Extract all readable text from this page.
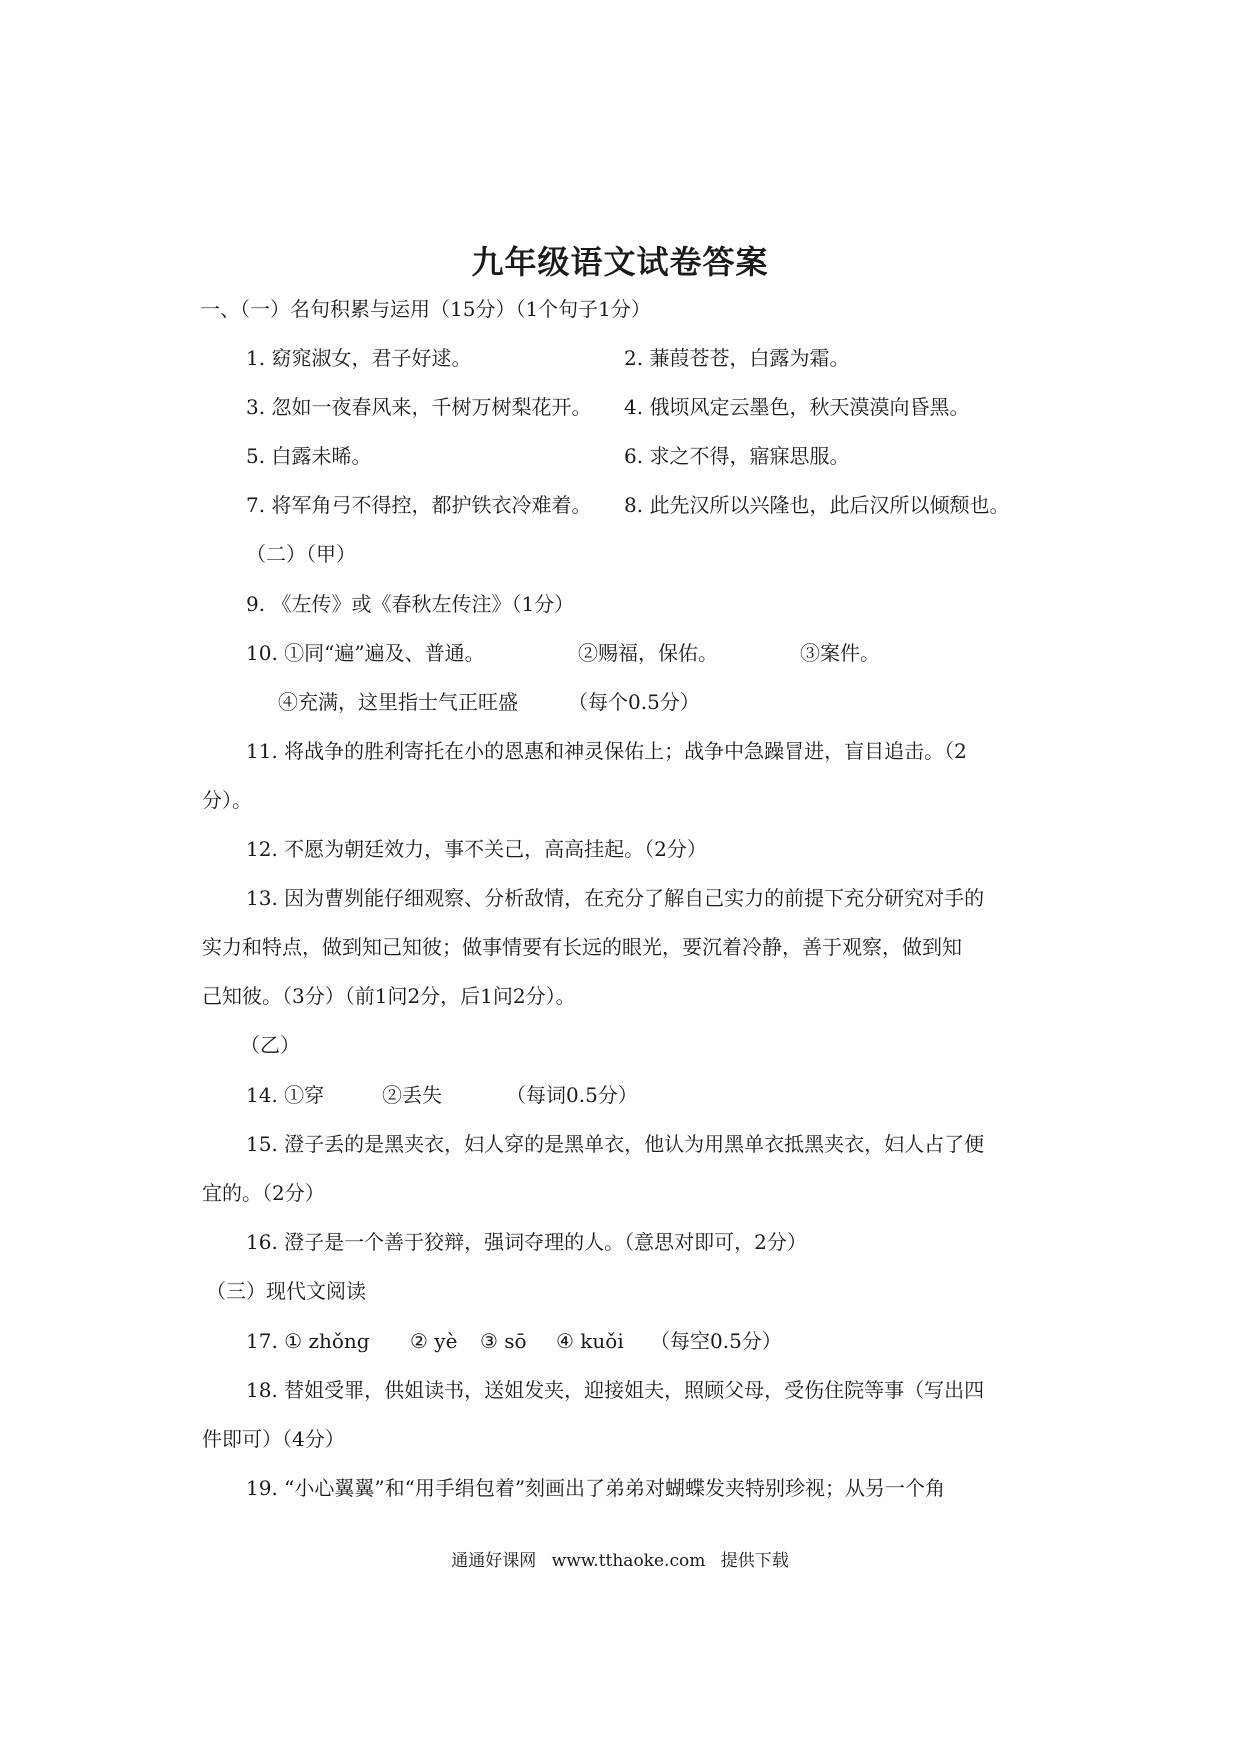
九年级语文试卷答案

一、（一）名句积累与运用（15分）（1个句子1分）

1. 窈窕淑女，君子好逑。	2. 蒹葭苍苍，白露为霜。
3. 忽如一夜春风来，千树万树梨花开。 4. 俄顷风定云墨色，秋天漠漠向昏黑。
5. 白露未晞。	6. 求之不得，寤寐思服。
7. 将军角弓不得控，都护铁衣冷难着。 8. 此先汉所以兴隆也，此后汉所以倾颓也。

（二）（甲）

9. 《左传》或《春秋左传注》（1分）

10. ①同“遍”遍及、普通。	②赐福，保佑。	③案件。
④充满，这里指士气正旺盛	（每个0.5分）

11. 将战争的胜利寄托在小的恩惠和神灵保佑上；战争中急躁冒进，盲目追击。（2

分）。

12. 不愿为朝廷效力，事不关己，高高挂起。（2分）

13. 因为曹刿能仔细观察、分析敌情，在充分了解自己实力的前提下充分研究对手的

实力和特点，做到知己知彼；做事情要有长远的眼光，要沉着冷静，善于观察，做到知

己知彼。（3分）（前1问2分，后1问2分）。

（乙）

14. ①穿	②丢失	（每词0.5分）

15. 澄子丢的是黑夹衣，妇人穿的是黑单衣，他认为用黑单衣抵黑夹衣，妇人占了便

宜的。（2分）

16. 澄子是一个善于狡辩，强词夺理的人。（意思对即可，2分）

（三）现代文阅读

17. ① zhǒng ② yè ③ sō ④ kuǒi （每空0.5分）

18. 替姐受罪，供姐读书，送姐发夹，迎接姐夫，照顾父母，受伤住院等事（写出四

件即可）（4分）

19. “小心翼翼”和“用手绢包着”刻画出了弟弟对蝴蝶发夹特别珍视；从另一个角

通通好课网 www.tthaoke.com 提供下载
